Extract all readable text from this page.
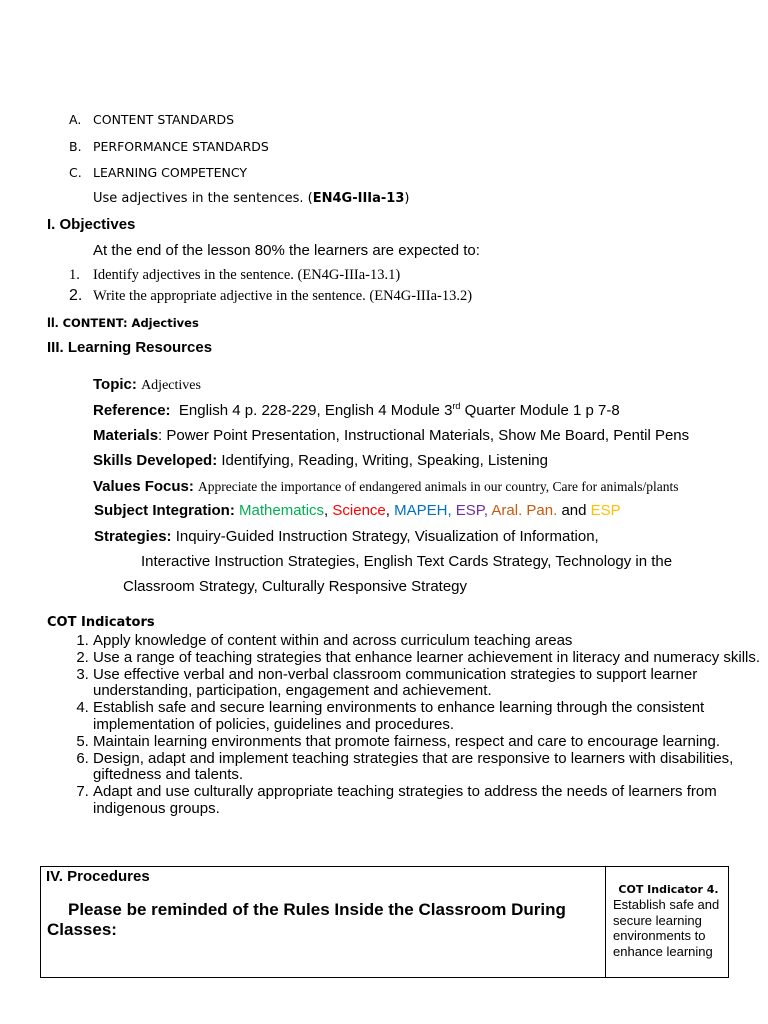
A. CONTENT STANDARDS
B. PERFORMANCE STANDARDS
C. LEARNING COMPETENCY
Use adjectives in the sentences. (EN4G-IIIa-13)
I. Objectives
At the end of the lesson 80% the learners are expected to:
1. Identify adjectives in the sentence. (EN4G-IIIa-13.1)
2. Write the appropriate adjective in the sentence. (EN4G-IIIa-13.2)
II. CONTENT: Adjectives
III. Learning Resources
Topic: Adjectives
Reference: English 4 p. 228-229, English 4 Module 3rd Quarter Module 1 p 7-8
Materials: Power Point Presentation, Instructional Materials, Show Me Board, Pentil Pens
Skills Developed: Identifying, Reading, Writing, Speaking, Listening
Values Focus: Appreciate the importance of endangered animals in our country, Care for animals/plants
Subject Integration: Mathematics, Science, MAPEH, ESP, Aral. Pan. and ESP
Strategies: Inquiry-Guided Instruction Strategy, Visualization of Information,
Interactive Instruction Strategies, English Text Cards Strategy, Technology in the
Classroom Strategy, Culturally Responsive Strategy
COT Indicators
1. Apply knowledge of content within and across curriculum teaching areas
2. Use a range of teaching strategies that enhance learner achievement in literacy and numeracy skills.
3. Use effective verbal and non-verbal classroom communication strategies to support learner understanding, participation, engagement and achievement.
4. Establish safe and secure learning environments to enhance learning through the consistent implementation of policies, guidelines and procedures.
5. Maintain learning environments that promote fairness, respect and care to encourage learning.
6. Design, adapt and implement teaching strategies that are responsive to learners with disabilities, giftedness and talents.
7. Adapt and use culturally appropriate teaching strategies to address the needs of learners from indigenous groups.
IV. Procedures
Please be reminded of the Rules Inside the Classroom During Classes:

COT Indicator 4.
Establish safe and secure learning environments to enhance learning
